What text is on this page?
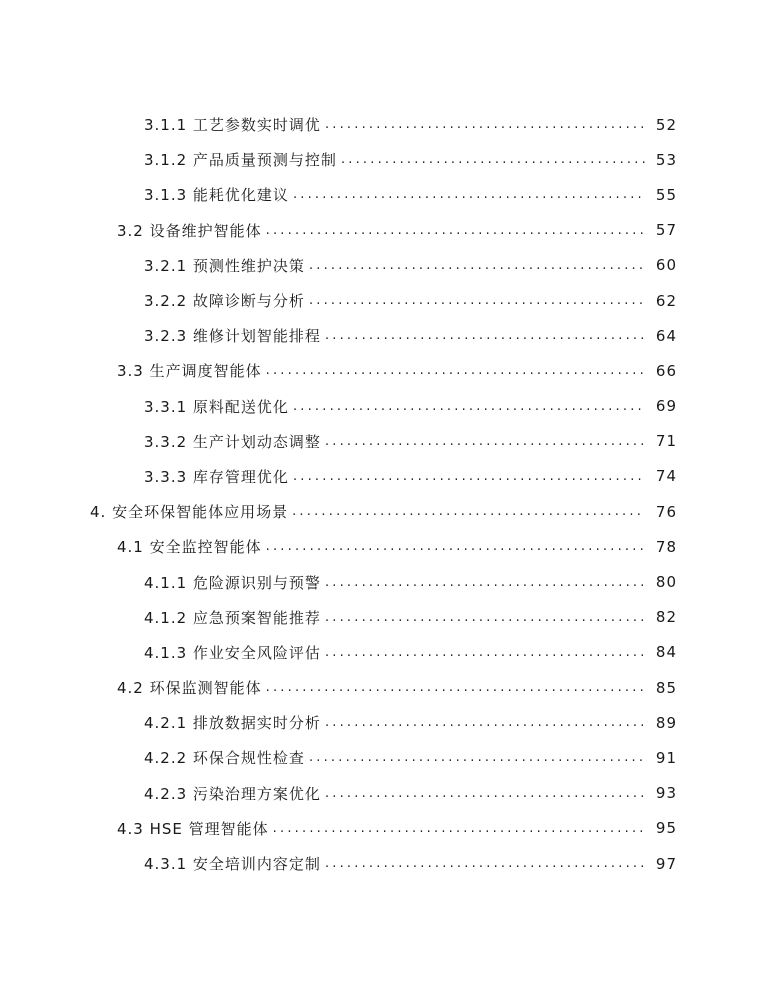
3.1.1 工艺参数实时调优 .....	52
3.1.2 产品质量预测与控制 .....	53
3.1.3 能耗优化建议 .....	55
3.2 设备维护智能体 .....	57
3.2.1 预测性维护决策 .....	60
3.2.2 故障诊断与分析 .....	62
3.2.3 维修计划智能排程 .....	64
3.3 生产调度智能体 .....	66
3.3.1 原料配送优化 .....	69
3.3.2 生产计划动态调整 .....	71
3.3.3 库存管理优化 .....	74
4. 安全环保智能体应用场景 .....	76
4.1 安全监控智能体 .....	78
4.1.1 危险源识别与预警 .....	80
4.1.2 应急预案智能推荐 .....	82
4.1.3 作业安全风险评估 .....	84
4.2 环保监测智能体 .....	85
4.2.1 排放数据实时分析 .....	89
4.2.2 环保合规性检查 .....	91
4.2.3 污染治理方案优化 .....	93
4.3 HSE 管理智能体 .....	95
4.3.1 安全培训内容定制 .....	97
